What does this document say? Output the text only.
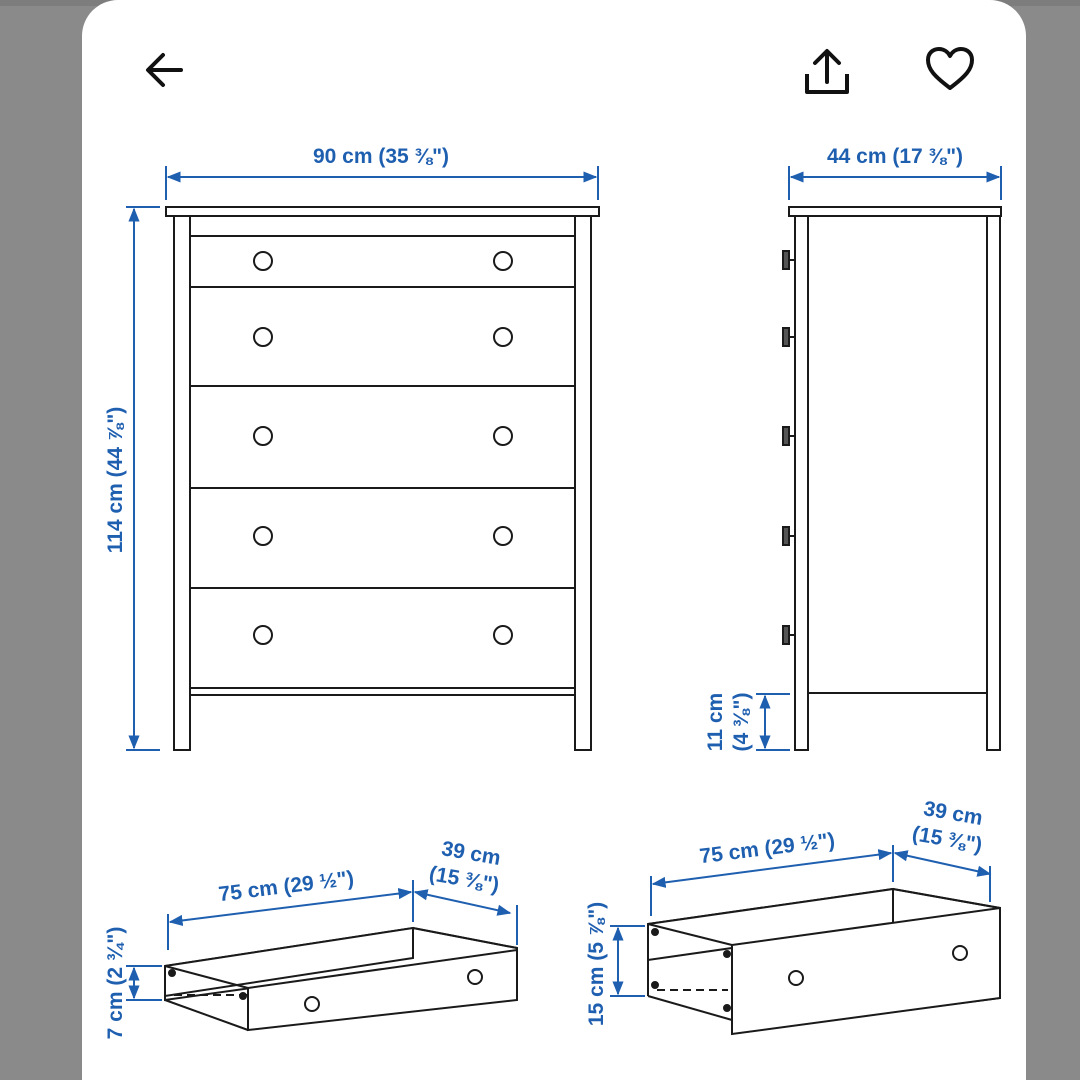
90 cm (35 ⅜")
114 cm (44 ⅞")
44 cm (17 ⅜")
11 cm (4 ⅜")
75 cm (29 ½")
39 cm
(15 ⅜")
7 cm (2 ¾")
75 cm (29 ½")
39 cm
(15 ⅜")
15 cm (5 ⅞")
